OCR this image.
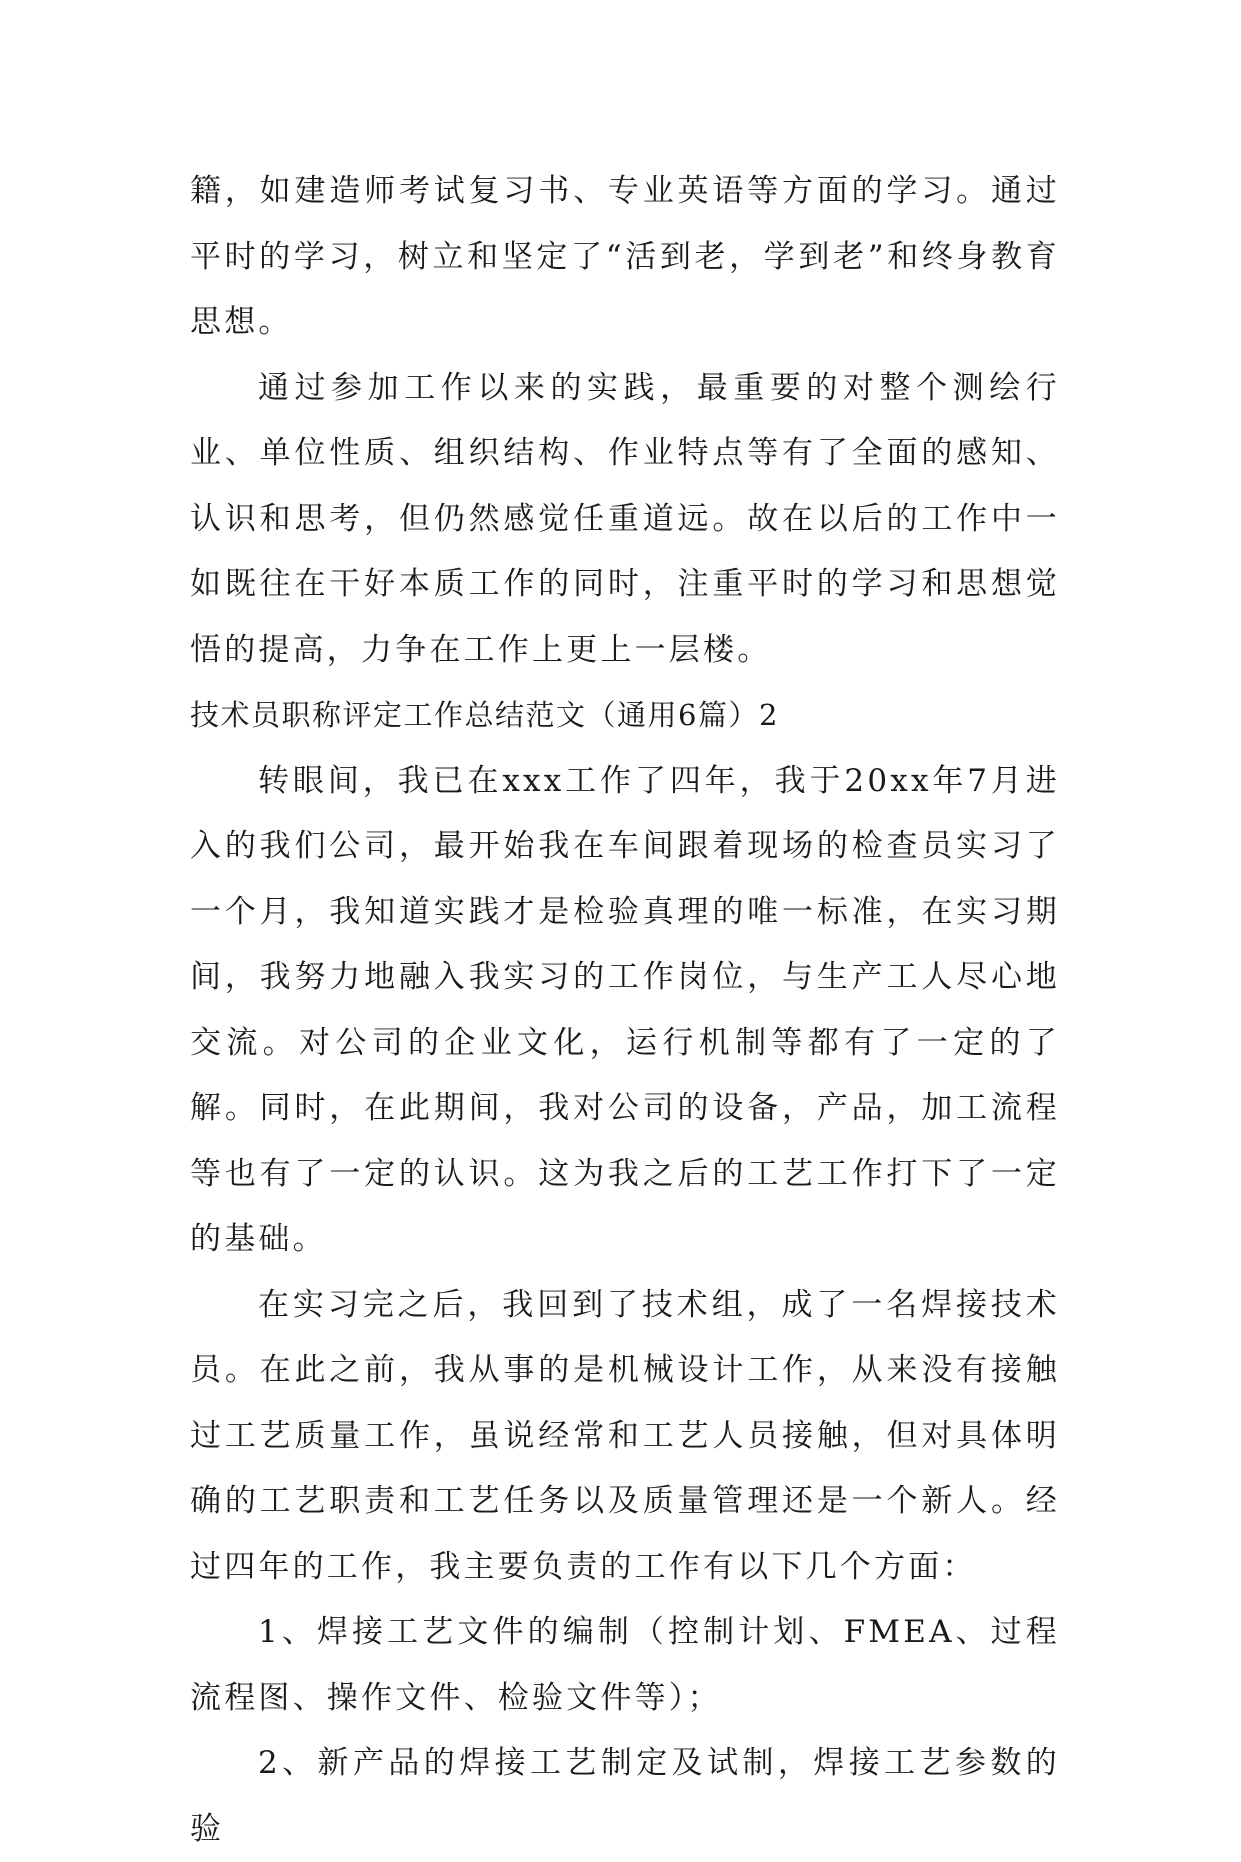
籍，如建造师考试复习书、专业英语等方面的学习。通过平时的学习，树立和坚定了“活到老，学到老”和终身教育思想。

通过参加工作以来的实践，最重要的对整个测绘行业、单位性质、组织结构、作业特点等有了全面的感知、认识和思考，但仍然感觉任重道远。故在以后的工作中一如既往在干好本质工作的同时，注重平时的学习和思想觉悟的提高，力争在工作上更上一层楼。

技术员职称评定工作总结范文（通用6篇）2

转眼间，我已在xxx工作了四年，我于20xx年7月进入的我们公司，最开始我在车间跟着现场的检查员实习了一个月，我知道实践才是检验真理的唯一标准，在实习期间，我努力地融入我实习的工作岗位，与生产工人尽心地交流。对公司的企业文化，运行机制等都有了一定的了解。同时，在此期间，我对公司的设备，产品，加工流程等也有了一定的认识。这为我之后的工艺工作打下了一定的基础。

在实习完之后，我回到了技术组，成了一名焊接技术员。在此之前，我从事的是机械设计工作，从来没有接触过工艺质量工作，虽说经常和工艺人员接触，但对具体明确的工艺职责和工艺任务以及质量管理还是一个新人。经过四年的工作，我主要负责的工作有以下几个方面：

1、焊接工艺文件的编制（控制计划、FMEA、过程流程图、操作文件、检验文件等）；

2、新产品的焊接工艺制定及试制，焊接工艺参数的验
